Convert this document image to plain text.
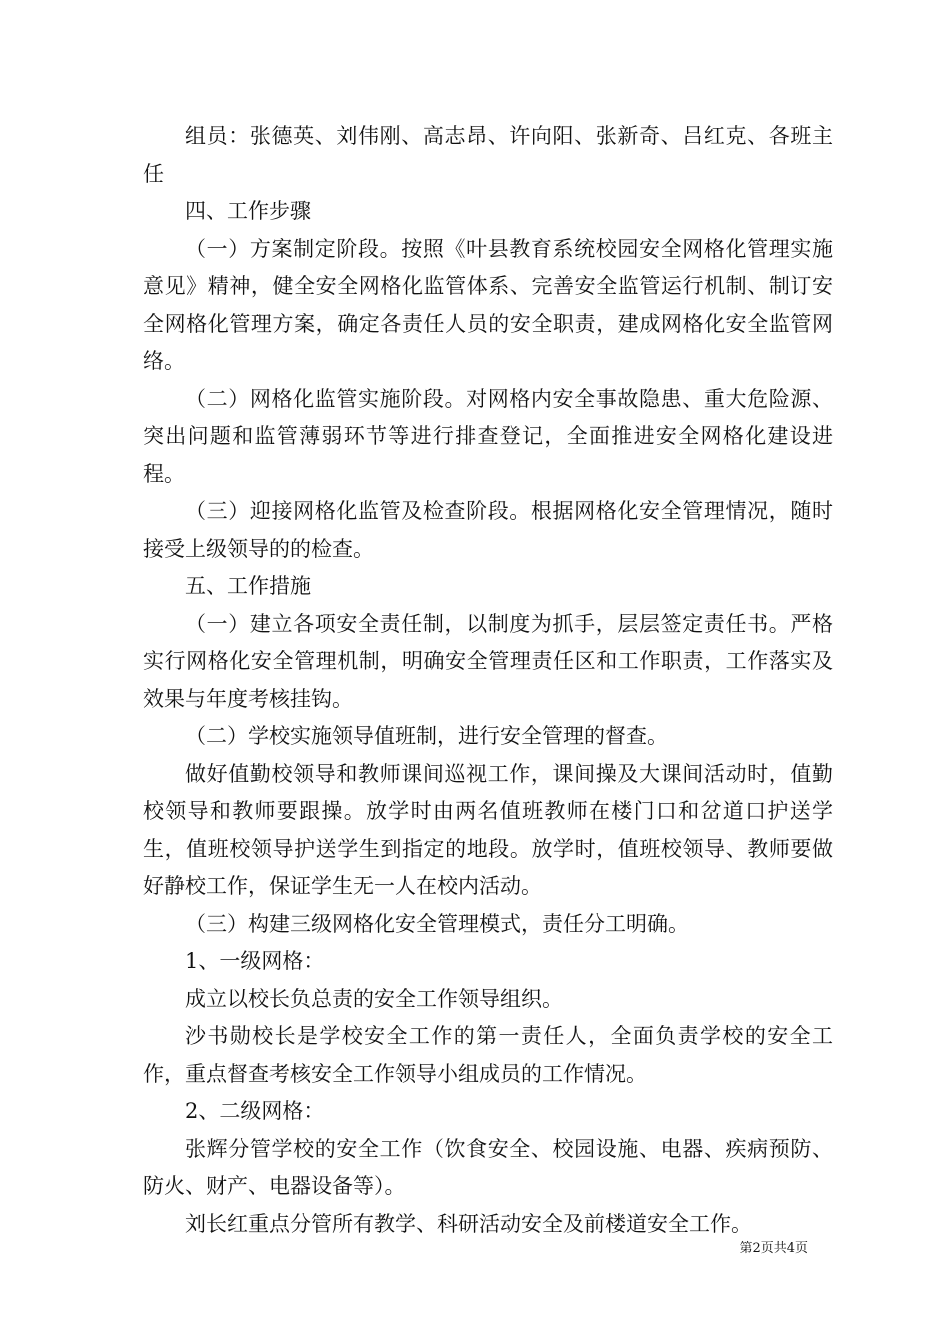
组员：张德英、刘伟刚、高志昂、许向阳、张新奇、吕红克、各班主任

四、工作步骤

（一）方案制定阶段。按照《叶县教育系统校园安全网格化管理实施意见》精神，健全安全网格化监管体系、完善安全监管运行机制、制订安全网格化管理方案，确定各责任人员的安全职责，建成网格化安全监管网络。

（二）网格化监管实施阶段。对网格内安全事故隐患、重大危险源、突出问题和监管薄弱环节等进行排查登记，全面推进安全网格化建设进程。

（三）迎接网格化监管及检查阶段。根据网格化安全管理情况，随时接受上级领导的的检查。

五、工作措施

（一）建立各项安全责任制，以制度为抓手，层层签定责任书。严格实行网格化安全管理机制，明确安全管理责任区和工作职责，工作落实及效果与年度考核挂钩。

（二）学校实施领导值班制，进行安全管理的督查。

做好值勤校领导和教师课间巡视工作，课间操及大课间活动时，值勤校领导和教师要跟操。放学时由两名值班教师在楼门口和岔道口护送学生，值班校领导护送学生到指定的地段。放学时，值班校领导、教师要做好静校工作，保证学生无一人在校内活动。

（三）构建三级网格化安全管理模式，责任分工明确。

1、一级网格：

成立以校长负总责的安全工作领导组织。

沙书勋校长是学校安全工作的第一责任人，全面负责学校的安全工作，重点督查考核安全工作领导小组成员的工作情况。

2、二级网格：

张辉分管学校的安全工作（饮食安全、校园设施、电器、疾病预防、防火、财产、电器设备等）。

刘长红重点分管所有教学、科研活动安全及前楼道安全工作。

第2页共4页
